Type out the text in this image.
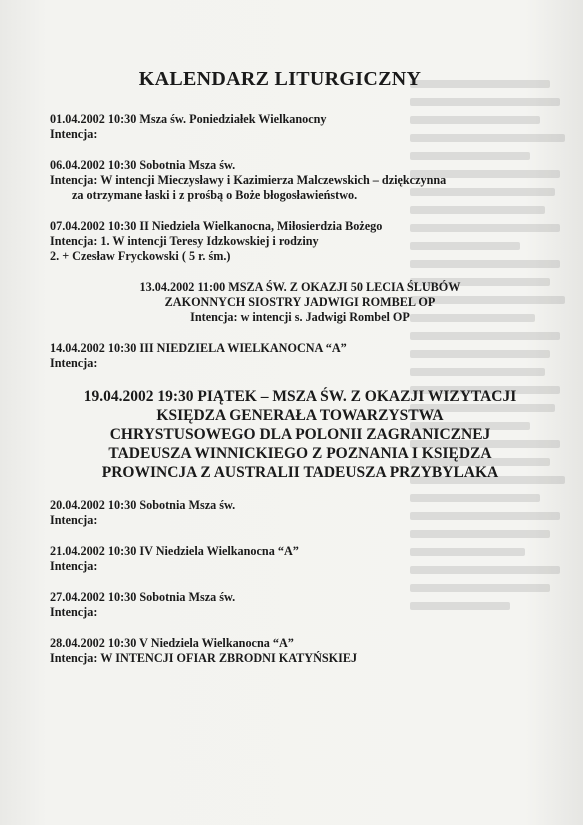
KALENDARZ LITURGICZNY
01.04.2002 10:30 Msza św. Poniedziałek Wielkanocny
Intencja:
06.04.2002 10:30 Sobotnia Msza św.
Intencja: W intencji Mieczysławy i Kazimierza Malczewskich – dziękczynna
za otrzymane łaski i z prośbą o Boże błogosławieństwo.
07.04.2002 10:30 II Niedziela Wielkanocna, Miłosierdzia Bożego
Intencja: 1. W intencji Teresy Idzkowskiej i rodziny
2. + Czesław Fryckowski ( 5 r. śm.)
13.04.2002 11:00 MSZA ŚW. Z OKAZJI 50 LECIA ŚLUBÓW
ZAKONNYCH SIOSTRY JADWIGI ROMBEL OP
Intencja: w intencji s. Jadwigi Rombel OP
14.04.2002 10:30 III NIEDZIELA WIELKANOCNA “A”
Intencja:
19.04.2002 19:30 PIĄTEK – MSZA ŚW. Z OKAZJI WIZYTACJI
KSIĘDZA GENERAŁA TOWARZYSTWA
CHRYSTUSOWEGO DLA POLONII ZAGRANICZNEJ
TADEUSZA WINNICKIEGO Z POZNANIA I KSIĘDZA
PROWINCJA Z AUSTRALII TADEUSZA PRZYBYLAKA
20.04.2002 10:30 Sobotnia Msza św.
Intencja:
21.04.2002 10:30 IV Niedziela Wielkanocna “A”
Intencja:
27.04.2002 10:30 Sobotnia Msza św.
Intencja:
28.04.2002 10:30 V Niedziela Wielkanocna “A”
Intencja: W INTENCJI OFIAR ZBRODNI KATYŃSKIEJ
